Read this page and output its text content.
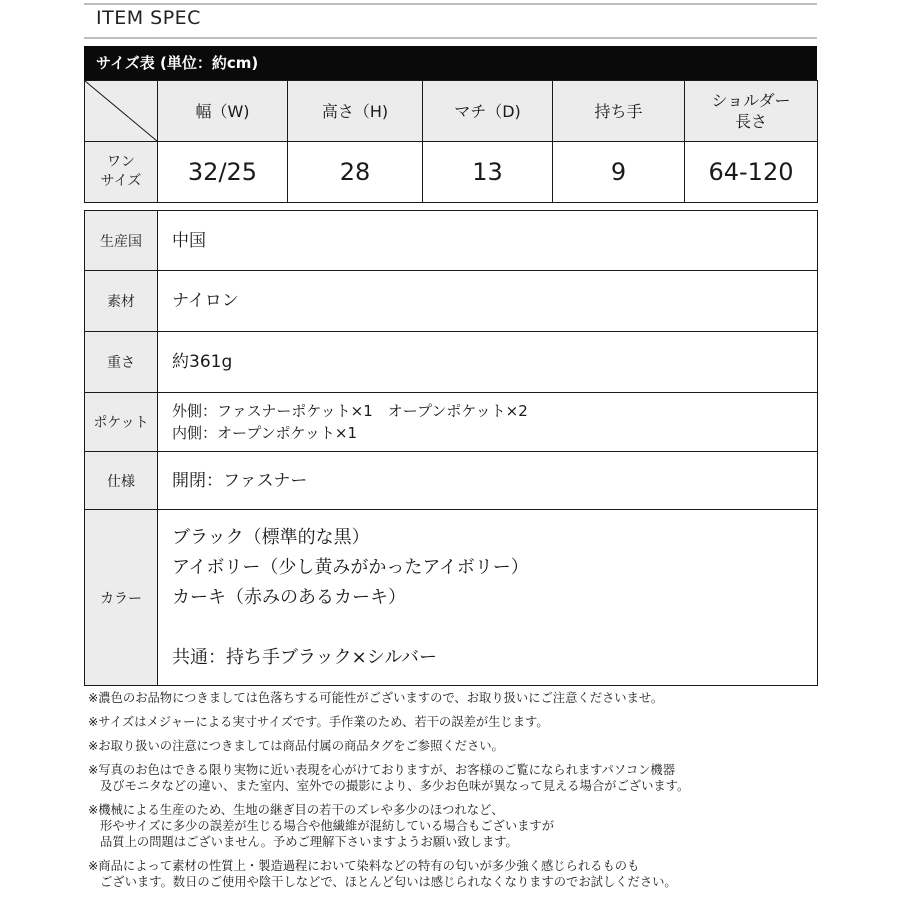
ITEM SPEC
サイズ表 (単位：約cm)

幅（W)	高さ（H)	マチ（D)	持ち手	ショルダー
長さ

ワン
サイズ	32/25	28	13	9	64-120
生産国	中国

素材	ナイロン

重さ	約361g

ポケット	外側：ファスナーポケット×1　オープンポケット×2
内側：オープンポケット×1

仕様	開閉：ファスナー

カラー	ブラック（標準的な黒）
アイボリー（少し黄みがかったアイボリー）
カーキ（赤みのあるカーキ）
共通：持ち手ブラック×シルバー
※濃色のお品物につきましては色落ちする可能性がございますので、お取り扱いにご注意くださいませ。
※サイズはメジャーによる実寸サイズです。手作業のため、若干の誤差が生じます。
※お取り扱いの注意につきましては商品付属の商品タグをご参照ください。
※写真のお色はできる限り実物に近い表現を心がけておりますが、お客様のご覧になられますパソコン機器
及びモニタなどの違い、また室内、室外での撮影により、多少お色味が異なって見える場合がございます。
※機械による生産のため、生地の継ぎ目の若干のズレや多少のほつれなど、
形やサイズに多少の誤差が生じる場合や他繊維が混紡している場合もございますが
品質上の問題はございません。予めご理解下さいますようお願い致します。
※商品によって素材の性質上・製造過程において染料などの特有の匂いが多少強く感じられるものも
ございます。数日のご使用や陰干しなどで、ほとんど匂いは感じられなくなりますのでお試しください。
